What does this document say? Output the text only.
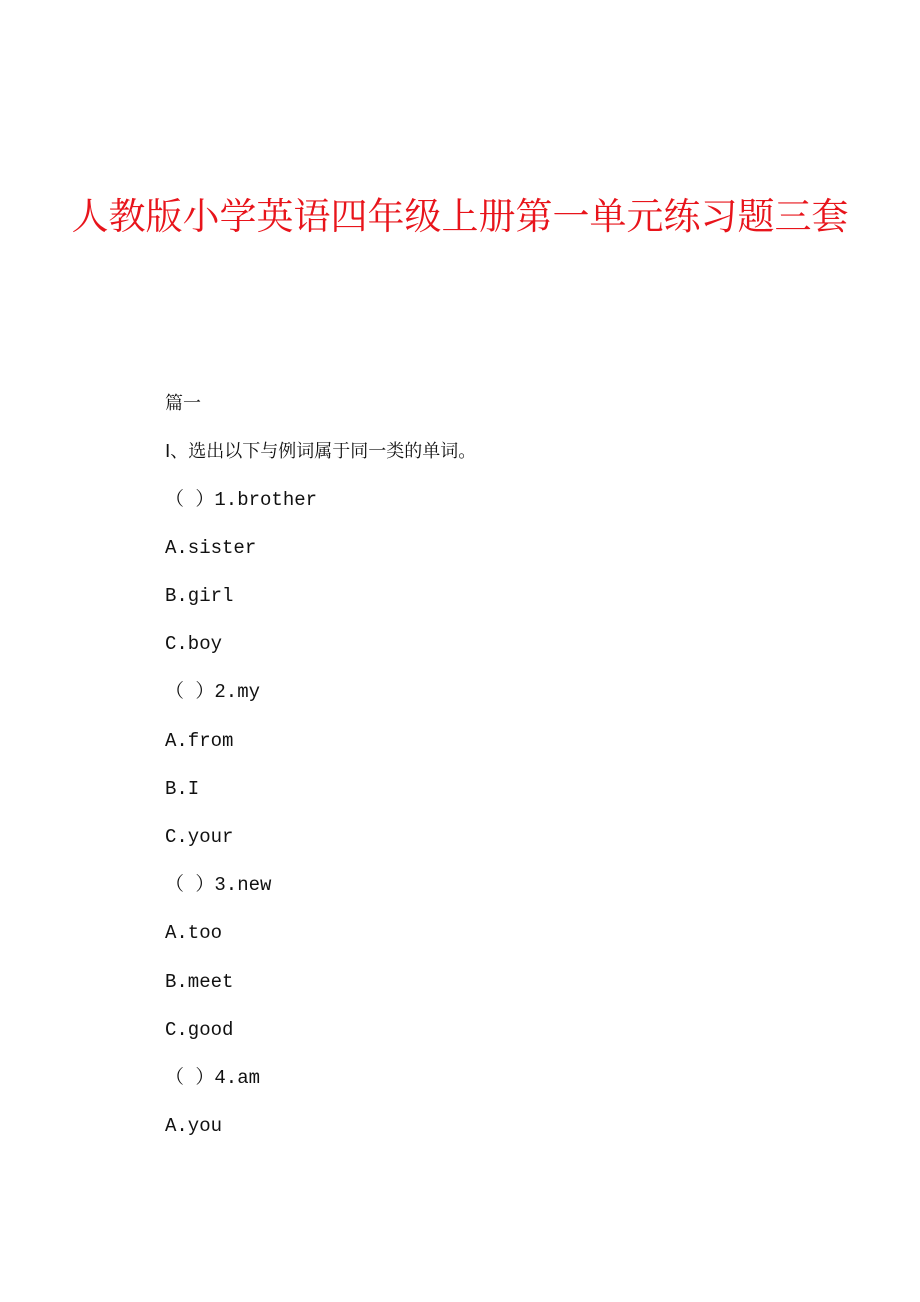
人教版小学英语四年级上册第一单元练习题三套
篇一
Ⅰ、选出以下与例词属于同一类的单词。
（ ）1.brother
A.sister
B.girl
C.boy
（ ）2.my
A.from
B.I
C.your
（ ）3.new
A.too
B.meet
C.good
（ ）4.am
A.you
